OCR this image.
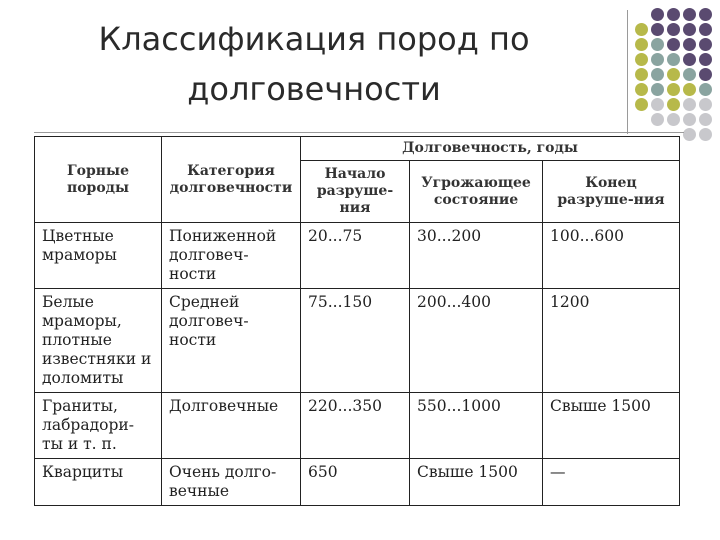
Классификация пород по
долговечности
Горные породы	Категория долговечности	Долговечность, годы		
		Начало разруше-ния	Угрожающее состояние	Конец разруше-ния
Цветные мраморы	Пониженной долговеч-ности	20...75	30...200	100...600
Белые мраморы, плотные известняки и доломиты	Средней долговеч-ности	75...150	200...400	1200
Граниты, лабрадори-ты и т. п.	Долговечные	220...350	550...1000	Свыше 1500
Кварциты	Очень долго-вечные	650	Свыше 1500	—
